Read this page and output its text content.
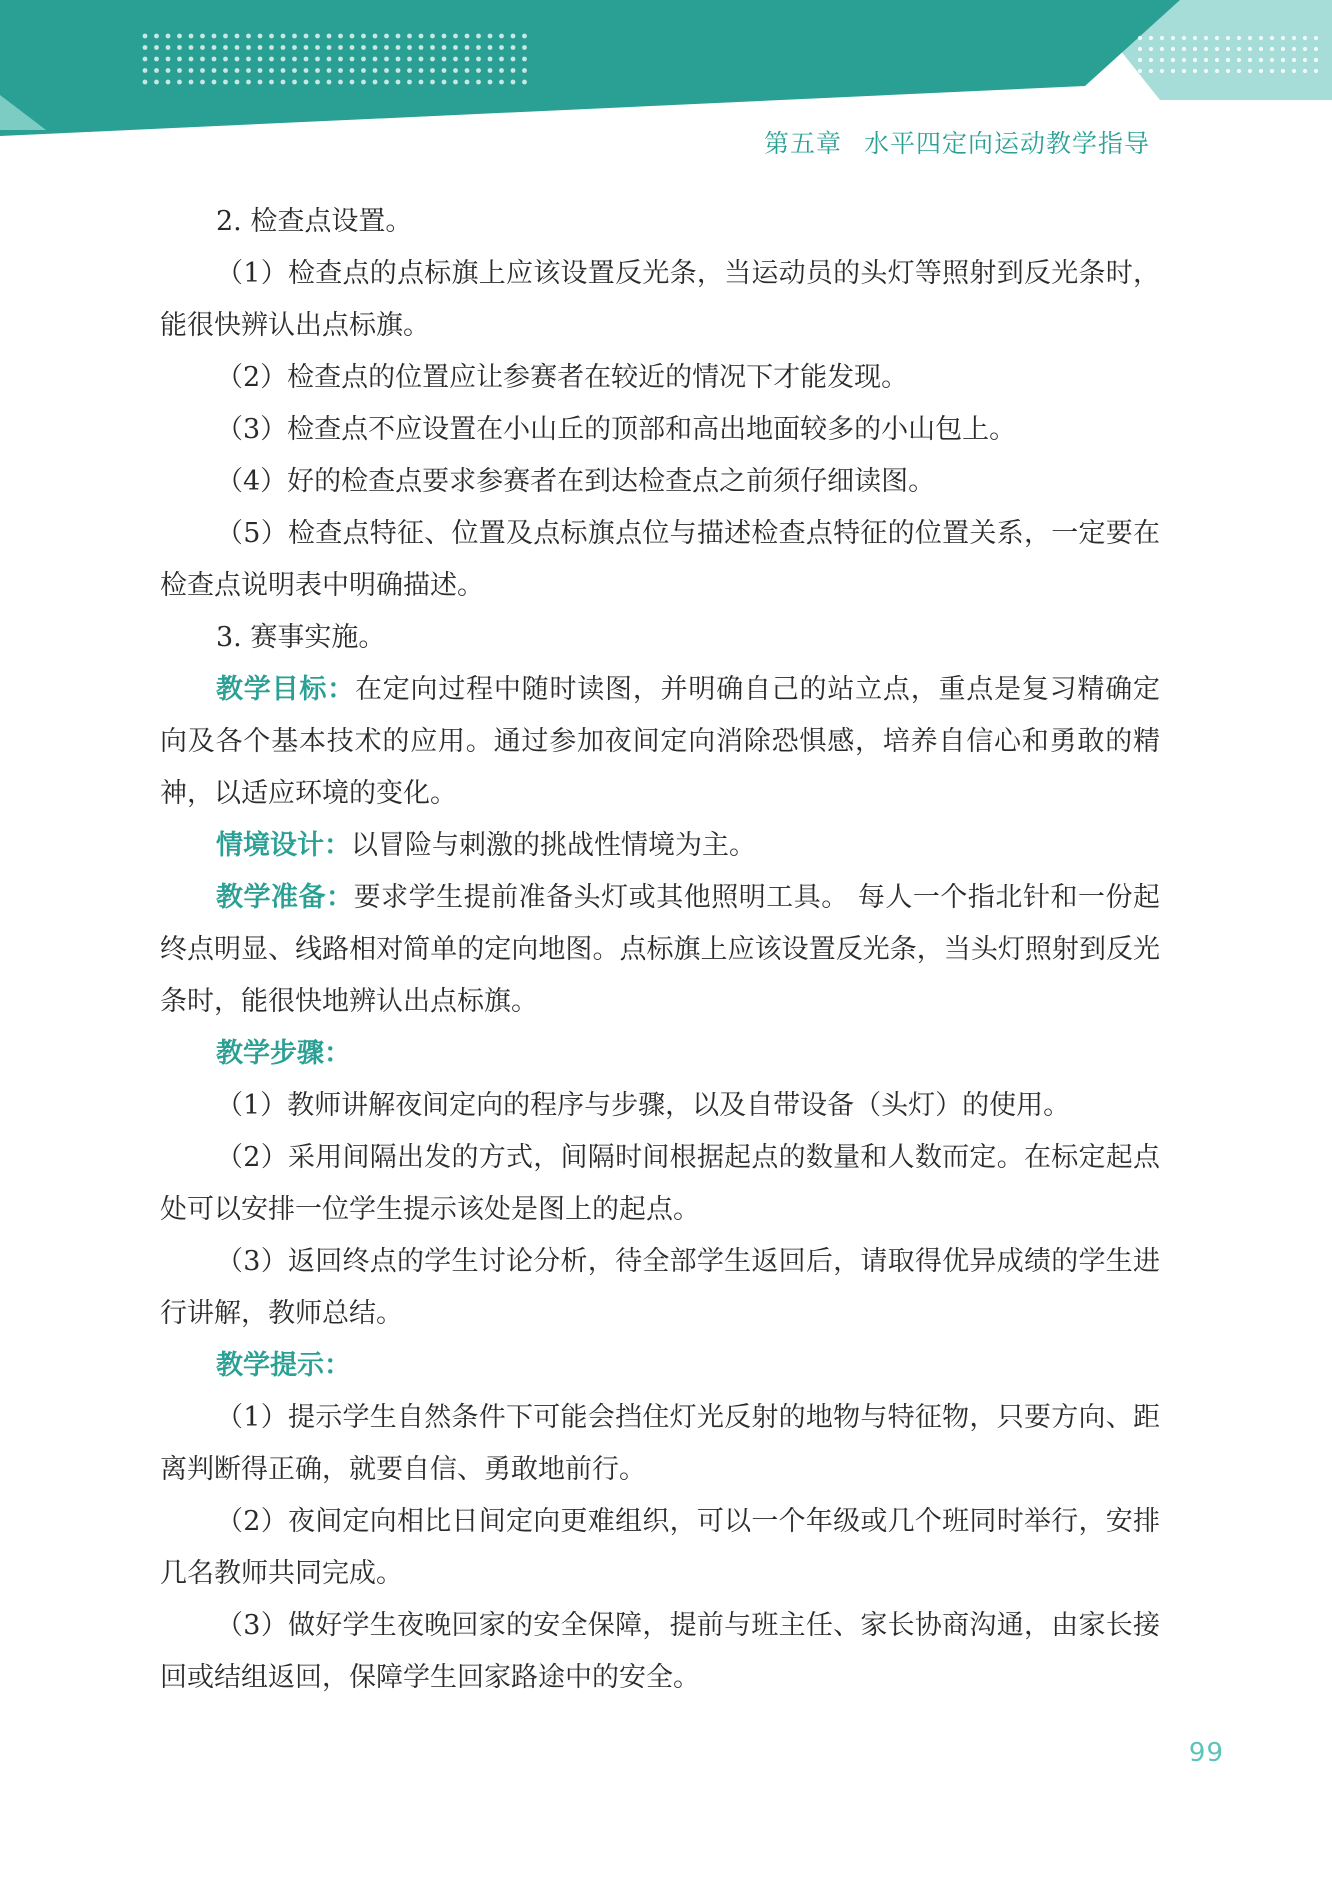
第五章 水平四定向运动教学指导

2. 检查点设置。

（1）检查点的点标旗上应该设置反光条，当运动员的头灯等照射到反光条时，能很快辨认出点标旗。

（2）检查点的位置应让参赛者在较近的情况下才能发现。

（3）检查点不应设置在小山丘的顶部和高出地面较多的小山包上。

（4）好的检查点要求参赛者在到达检查点之前须仔细读图。

（5）检查点特征、位置及点标旗点位与描述检查点特征的位置关系，一定要在检查点说明表中明确描述。

3. 赛事实施。

教学目标：在定向过程中随时读图，并明确自己的站立点，重点是复习精确定向及各个基本技术的应用。通过参加夜间定向消除恐惧感，培养自信心和勇敢的精神，以适应环境的变化。

情境设计：以冒险与刺激的挑战性情境为主。

教学准备：要求学生提前准备头灯或其他照明工具。 每人一个指北针和一份起终点明显、线路相对简单的定向地图。点标旗上应该设置反光条，当头灯照射到反光条时，能很快地辨认出点标旗。

教学步骤：

（1）教师讲解夜间定向的程序与步骤，以及自带设备（头灯）的使用。

（2）采用间隔出发的方式，间隔时间根据起点的数量和人数而定。在标定起点处可以安排一位学生提示该处是图上的起点。

（3）返回终点的学生讨论分析，待全部学生返回后，请取得优异成绩的学生进行讲解，教师总结。

教学提示：

（1）提示学生自然条件下可能会挡住灯光反射的地物与特征物，只要方向、距离判断得正确，就要自信、勇敢地前行。

（2）夜间定向相比日间定向更难组织，可以一个年级或几个班同时举行，安排几名教师共同完成。

（3）做好学生夜晚回家的安全保障，提前与班主任、家长协商沟通，由家长接回或结组返回，保障学生回家路途中的安全。

99
